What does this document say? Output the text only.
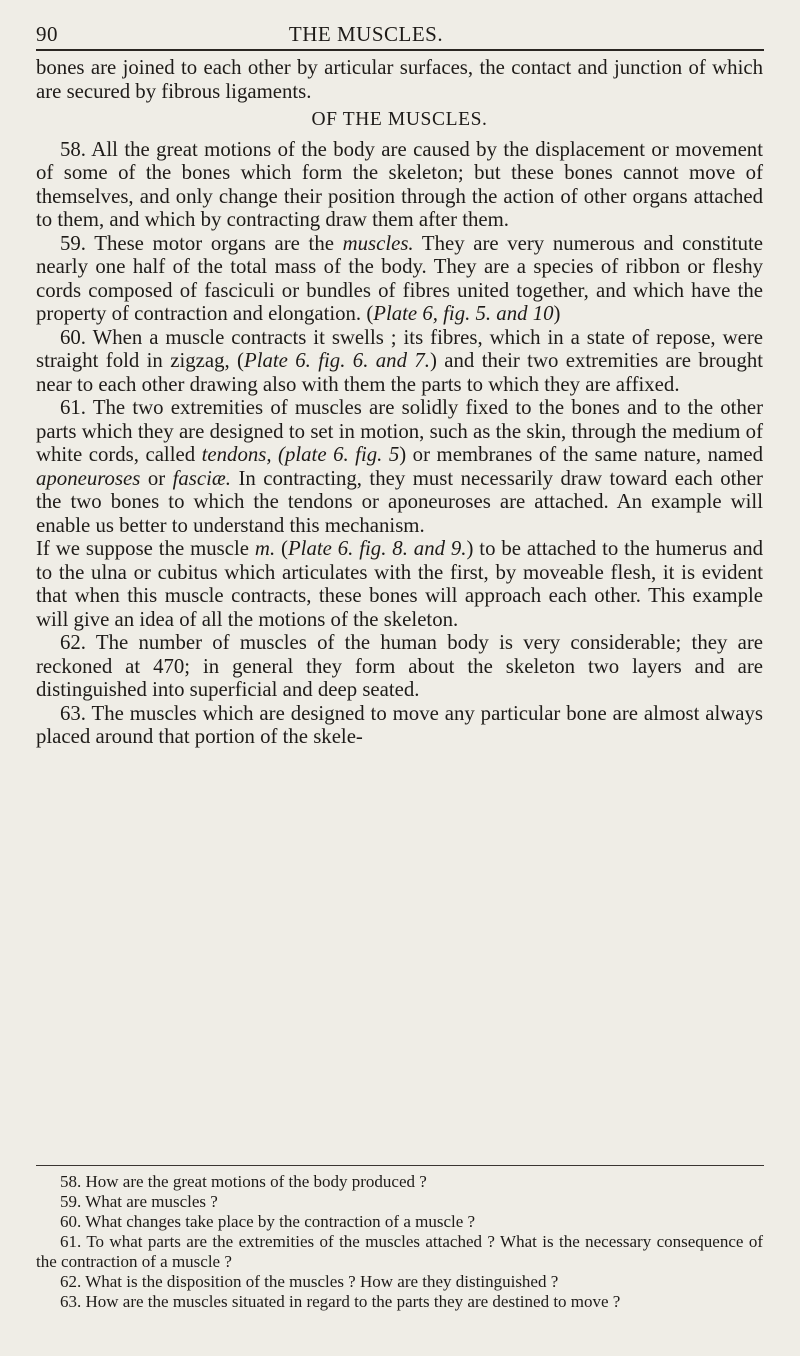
90	THE MUSCLES.

bones are joined to each other by articular surfaces, the contact and junction of which are secured by fibrous ligaments.

OF THE MUSCLES.

58. All the great motions of the body are caused by the displacement or movement of some of the bones which form the skeleton; but these bones cannot move of themselves, and only change their position through the action of other organs attached to them, and which by contracting draw them after them.

59. These motor organs are the muscles. They are very numerous and constitute nearly one half of the total mass of the body. They are a species of ribbon or fleshy cords composed of fasciculi or bundles of fibres united together, and which have the property of contraction and elongation. (Plate 6, fig. 5. and 10)

60. When a muscle contracts it swells ; its fibres, which in a state of repose, were straight fold in zigzag, (Plate 6. fig. 6. and 7.) and their two extremities are brought near to each other drawing also with them the parts to which they are affixed.

61. The two extremities of muscles are solidly fixed to the bones and to the other parts which they are designed to set in motion, such as the skin, through the medium of white cords, called tendons, (plate 6. fig. 5) or membranes of the same nature, named aponeuroses or fasciæ. In contracting, they must necessarily draw toward each other the two bones to which the tendons or aponeuroses are attached. An example will enable us better to understand this mechanism.

If we suppose the muscle m. (Plate 6. fig. 8. and 9.) to be attached to the humerus and to the ulna or cubitus which articulates with the first, by moveable flesh, it is evident that when this muscle contracts, these bones will approach each other. This example will give an idea of all the motions of the skeleton.

62. The number of muscles of the human body is very considerable; they are reckoned at 470; in general they form about the skeleton two layers and are distinguished into superficial and deep seated.

63. The muscles which are designed to move any particular bone are almost always placed around that portion of the skele-

58. How are the great motions of the body produced ?

59. What are muscles ?

60. What changes take place by the contraction of a muscle ?

61. To what parts are the extremities of the muscles attached ? What is the necessary consequence of the contraction of a muscle ?

62. What is the disposition of the muscles ? How are they distinguished ?

63. How are the muscles situated in regard to the parts they are destined to move ?
